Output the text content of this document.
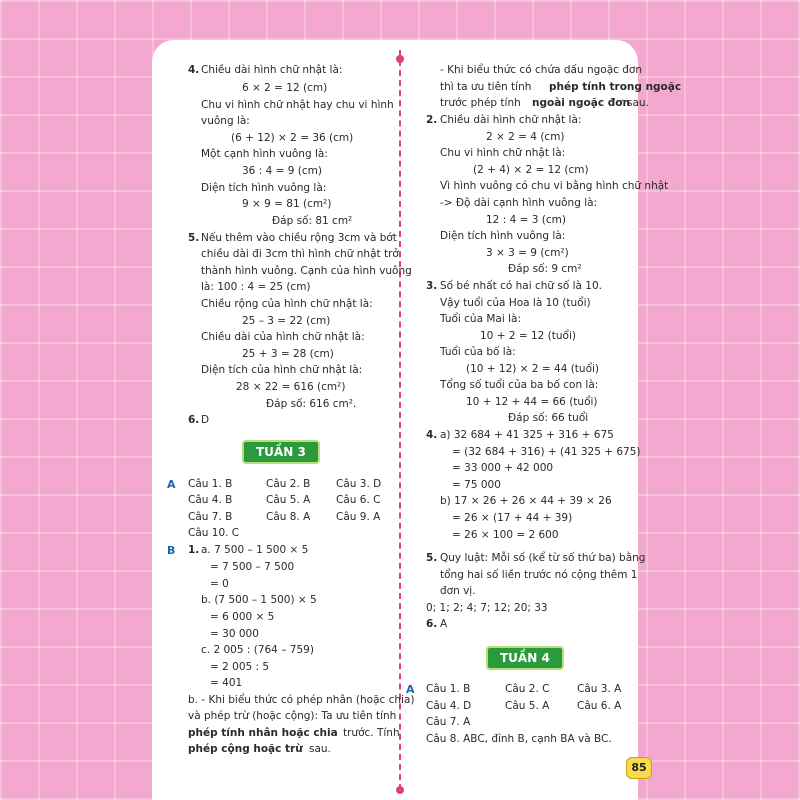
4. Chiều dài hình chữ nhật là:
6 × 2 = 12 (cm)
Chu vi hình chữ nhật hay chu vi hình
vuông là:
(6 + 12) × 2 = 36 (cm)
Một cạnh hình vuông là:
36 : 4 = 9 (cm)
Diện tích hình vuông là:
9 × 9 = 81 (cm²)
Đáp số: 81 cm²
5. Nếu thêm vào chiều rộng 3cm và bớt
chiều dài đi 3cm thì hình chữ nhật trở
thành hình vuông. Cạnh của hình vuông
là: 100 : 4 = 25 (cm)
Chiều rộng của hình chữ nhật là:
25 – 3 = 22 (cm)
Chiều dài của hình chữ nhật là:
25 + 3 = 28 (cm)
Diện tích của hình chữ nhật là:
28 × 22 = 616 (cm²)
Đáp số: 616 cm².
6. D
A Câu 1. B	Câu 2. B Câu 3. D
Câu 4. B	Câu 5. A Câu 6. C
Câu 7. B	Câu 8. A Câu 9. A
Câu 10. C
B 1. a. 7 500 – 1 500 × 5
= 7 500 – 7 500
= 0
b. (7 500 – 1 500) × 5
= 6 000 × 5
= 30 000
c. 2 005 : (764 – 759)
= 2 005 : 5
= 401
b. - Khi biểu thức có phép nhân (hoặc chia)
và phép trừ (hoặc cộng): Ta ưu tiên tính
phép tính nhân hoặc chia trước. Tính
phép cộng hoặc trừ sau.
- Khi biểu thức có chứa dấu ngoặc đơn
thì ta ưu tiên tính phép tính trong ngoặc
trước phép tính ngoài ngoặc đơn
sau.
2. Chiều dài hình chữ nhật là:
2 × 2 = 4 (cm)
Chu vi hình chữ nhật là:
(2 + 4) × 2 = 12 (cm)
Vì hình vuông có chu vi bằng hình chữ nhật
-> Độ dài cạnh hình vuông là:
12 : 4 = 3 (cm)
Diện tích hình vuông là:
3 × 3 = 9 (cm²)
Đáp số: 9 cm²
3. Số bé nhất có hai chữ số là 10.
Vậy tuổi của Hoa là 10 (tuổi)
Tuổi của Mai là:
10 + 2 = 12 (tuổi)
Tuổi của bố là:
(10 + 12) × 2 = 44 (tuổi)
Tổng số tuổi của ba bố con là:
10 + 12 + 44 = 66 (tuổi)
Đáp số: 66 tuổi
4. a) 32 684 + 41 325 + 316 + 675
= (32 684 + 316) + (41 325 + 675)
= 33 000 + 42 000
= 75 000
b) 17 × 26 + 26 × 44 + 39 × 26
= 26 × (17 + 44 + 39)
= 26 × 100 = 2 600
5. Quy luật: Mỗi số (kể từ số thứ ba) bằng
tổng hai số liền trước nó cộng thêm 1
đơn vị.
0; 1; 2; 4; 7; 12; 20; 33
6. A
A Câu 1. B	Câu 2. C	Câu 3. A
Câu 4. D	Câu 5. A	Câu 6. A
Câu 7. A
Câu 8. ABC, đỉnh B, cạnh BA và BC.
TUẦN 3
TUẦN 4
85
